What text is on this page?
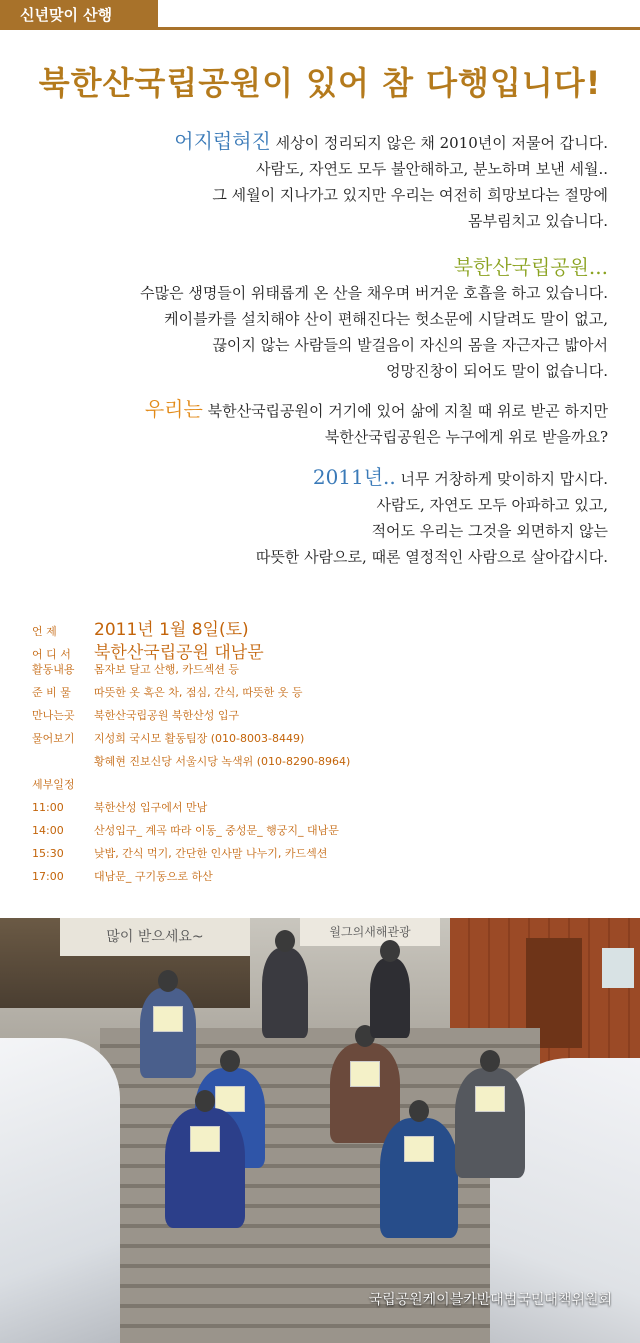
신년맞이 산행
북한산국립공원이 있어 참 다행입니다!
어지럽혀진 세상이 정리되지 않은 채 2010년이 저물어 갑니다.
사람도, 자연도 모두 불안해하고, 분노하며 보낸 세월..
그 세월이 지나가고 있지만 우리는 여전히 희망보다는 절망에
몸부림치고 있습니다.
북한산국립공원...
수많은 생명들이 위태롭게 온 산을 채우며 버거운 호흡을 하고 있습니다.
케이블카를 설치해야 산이 편해진다는 헛소문에 시달려도 말이 없고,
끊이지 않는 사람들의 발걸음이 자신의 몸을 자근자근 밟아서
엉망진창이 되어도 말이 없습니다.
우리는 북한산국립공원이 거기에 있어 삶에 지칠 때 위로 받곤 하지만
북한산국립공원은 누구에게 위로 받을까요?
2011년.. 너무 거창하게 맞이하지 맙시다.
사람도, 자연도 모두 아파하고 있고,
적어도 우리는 그것을 외면하지 않는
따뜻한 사람으로, 때론 열정적인 사람으로 살아갑시다.
언 제	2011년 1월 8일(토)
어 디 서	북한산국립공원 대남문
활동내용	몸자보 달고 산행, 카드섹션 등
준 비 물	따뜻한 옷 혹은 차, 점심, 간식, 따뜻한 옷 등
만나는곳	북한산국립공원 북한산성 입구
물어보기	지성희 국시모 활동팀장 (010-8003-8449)
황혜현 진보신당 서울시당 녹색위 (010-8290-8964)
세부일정
11:00	북한산성 입구에서 만남
14:00	산성입구_ 계곡 따라 이동_ 중성문_ 행궁지_ 대남문
15:30	낮밥, 간식 먹기, 간단한 인사말 나누기, 카드섹션
17:00	대남문_ 구기동으로 하산
많이 받으세요~	월그의새해관광
국립공원케이블카반대범국민대책위원회
